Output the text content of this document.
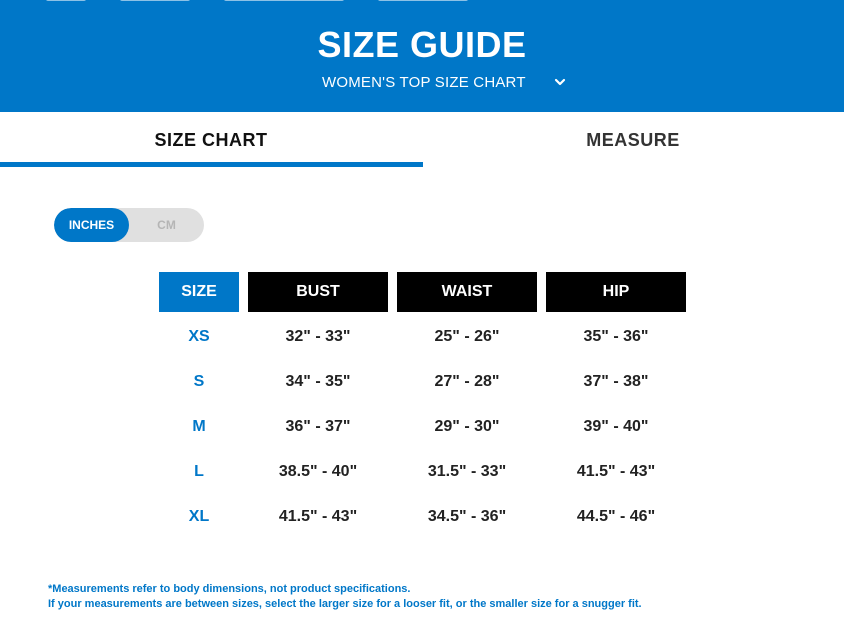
SIZE GUIDE
WOMEN'S TOP SIZE CHART
SIZE CHART	MEASURE
CM
INCHES
SIZE	BUST	WAIST	HIP
XS	32" - 33"	25" - 26"	35" - 36"
S	34" - 35"	27" - 28"	37" - 38"
M	36" - 37"	29" - 30"	39" - 40"
L	38.5" - 40"	31.5" - 33"	41.5" - 43"
XL	41.5" - 43"	34.5" - 36"	44.5" - 46"
*Measurements refer to body dimensions, not product specifications.
If your measurements are between sizes, select the larger size for a looser fit, or the smaller size for a snugger fit.
